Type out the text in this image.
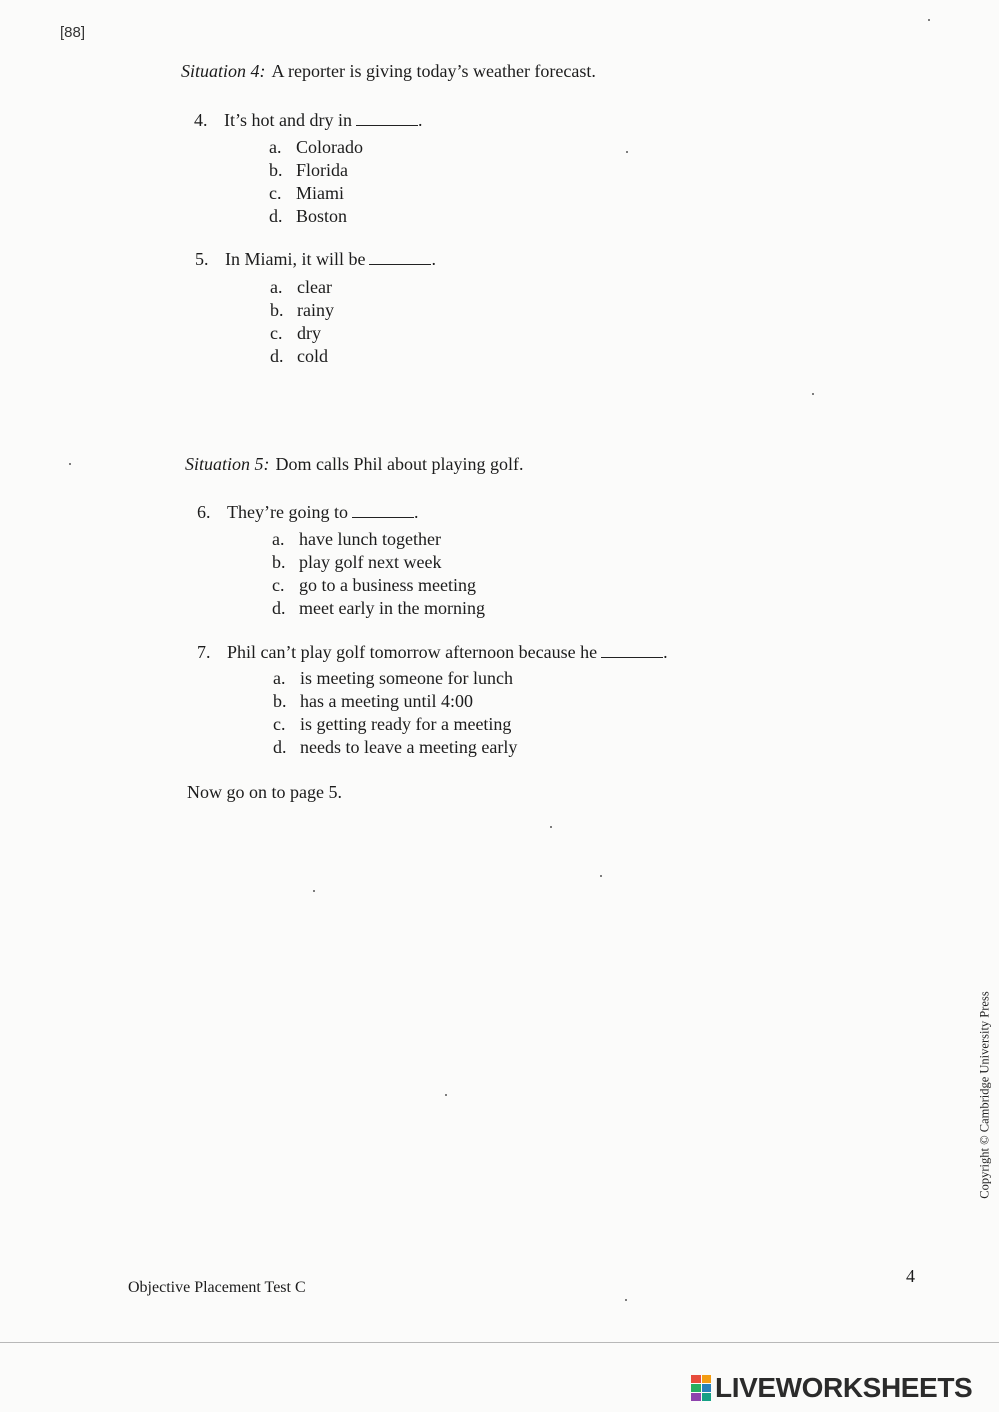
[88]
Situation 4: A reporter is giving today’s weather forecast.
4. It’s hot and dry in	.
a. Colorado
b. Florida
c. Miami
d. Boston
5. In Miami, it will be	.
a. clear
b. rainy
c. dry
d. cold
Situation 5: Dom calls Phil about playing golf.
6. They’re going to	.
a. have lunch together
b. play golf next week
c. go to a business meeting
d. meet early in the morning
7. Phil can’t play golf tomorrow afternoon because he	.
a. is meeting someone for lunch
b. has a meeting until 4:00
c. is getting ready for a meeting
d. needs to leave a meeting early
Now go on to page 5.
Copyright © Cambridge University Press
Objective Placement Test C
4
LIVEWORKSHEETS
